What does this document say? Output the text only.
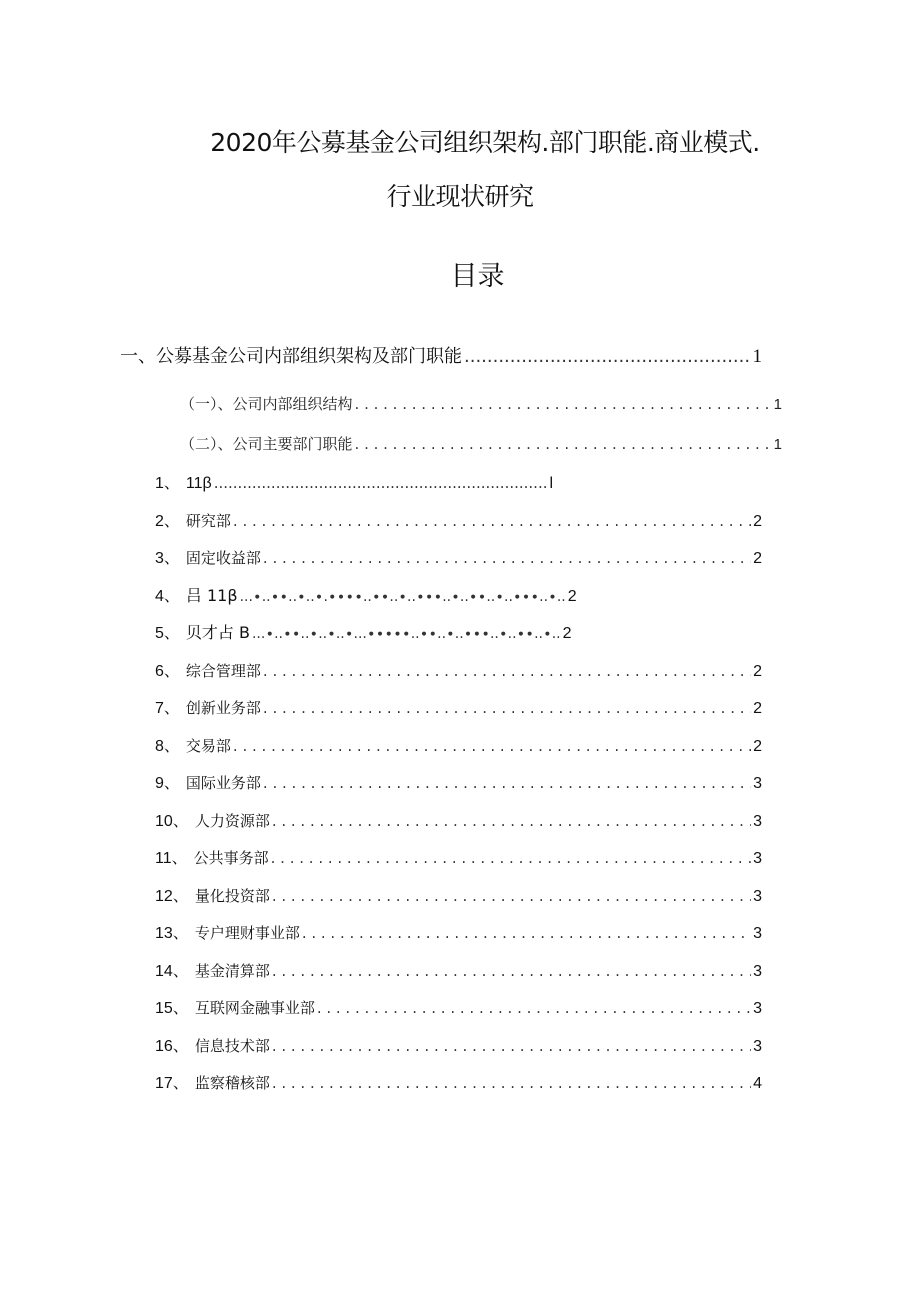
2020年公募基金公司组织架构.部门职能.商业模式.
行业现状研究
目录
一、 公募基金公司内部组织架构及部门职能 .....	1
（一）、 公司内部组织结构 . . .	1
（二）、 公司主要部门职能 . . .	1
1、 11β ...................................................................... l
2、 研究部 . . .	2
3、 固定收益部 . . .	2
4、 吕 11β ...∙..∙∙..∙..∙.∙∙∙∙..∙∙..∙..∙∙∙..∙..∙∙..∙..∙∙∙..∙.. 2
5、 贝才占 B ...∙..∙∙..∙..∙..∙...∙∙∙∙∙..∙∙..∙..∙∙∙..∙..∙∙..∙.. 2
6、 综合管理部 . . .	2
7、 创新业务部 . . .	2
8、 交易部 . . .	2
9、 国际业务部 . . .	3
10、 人力资源部 . . .	3
11、 公共事务部 . . .	3
12、 量化投资部 . . .	3
13、 专户理财事业部 . . .	3
14、 基金清算部 . . .	3
15、 互联网金融事业部 . . .	3
16、 信息技术部 . . .	3
17、 监察稽核部 . . .	4
